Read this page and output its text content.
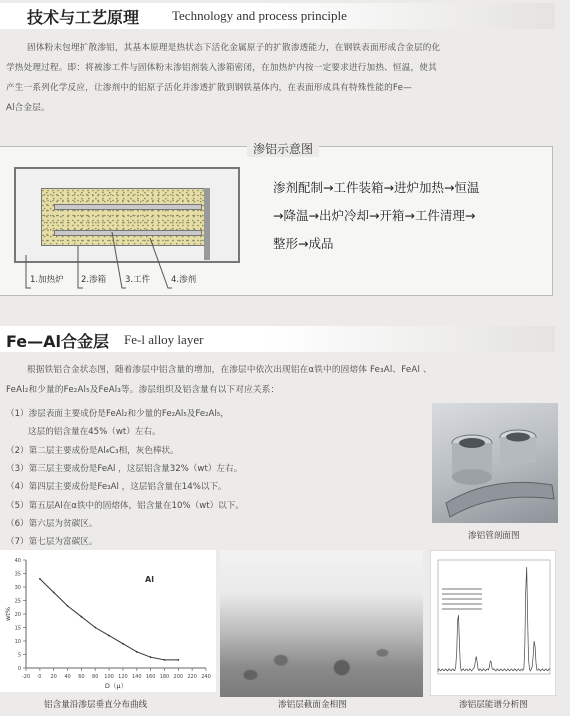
技术与工艺原理	Technology and process principle
固体粉末包埋扩散渗铝，其基本原理是热状态下活化金属原子的扩散渗透能力，在钢铁表面形成合金层的化
学热处理过程。即：将被渗工件与固体粉末渗铝剂装入渗箱密闭，在加热炉内按一定要求进行加热、恒温，使其
产生一系列化学反应，让渗剂中的铝原子活化并渗透扩散到钢铁基体内，在表面形成具有特殊性能的Fe—
Al合金层。
渗铝示意图
1.加热炉 2.渗箱 3.工件 4.渗剂
渗剂配制→工件装箱→进炉加热→恒温
→降温→出炉冷却→开箱→工件清理→
整形→成品
Fe—Al合金层 Fe-l alloy layer
根据铁铝合金状态图，随着渗层中铝含量的增加，在渗层中依次出现铝在α铁中的固熔体 Fe₃Al、FeAl 、
FeAl₂和少量的Fe₂Al₅及FeAl₃等。渗层组织及铝含量有以下对应关系：
（1）渗层表面主要成份是FeAl₂和少量的Fe₂Al₅及Fe₂Al₅，
这层的铝含量在45%（wt）左右。
（2）第二层主要成份是Al₄C₃相，灰色棒状。
（3）第三层主要成份是FeAl ，这层铝含量32%（wt）左右。
（4）第四层主要成份是Fe₃Al ，这层铝含量在14%以下。
（5）第五层Al在α铁中的固熔体，铝含量在10%（wt）以下。
（6）第六层为贫碳区。
（7）第七层为富碳区。
渗铝管剖面图
-20 0 20 40 60 80 100 120 140 160 180 200 220 240
0
5
10
15
20
25
30
35
40
Al
D（μ）
wt%
铝含量沿渗层垂直分布曲线	渗铝层截面金相图	渗铝层能谱分析图
